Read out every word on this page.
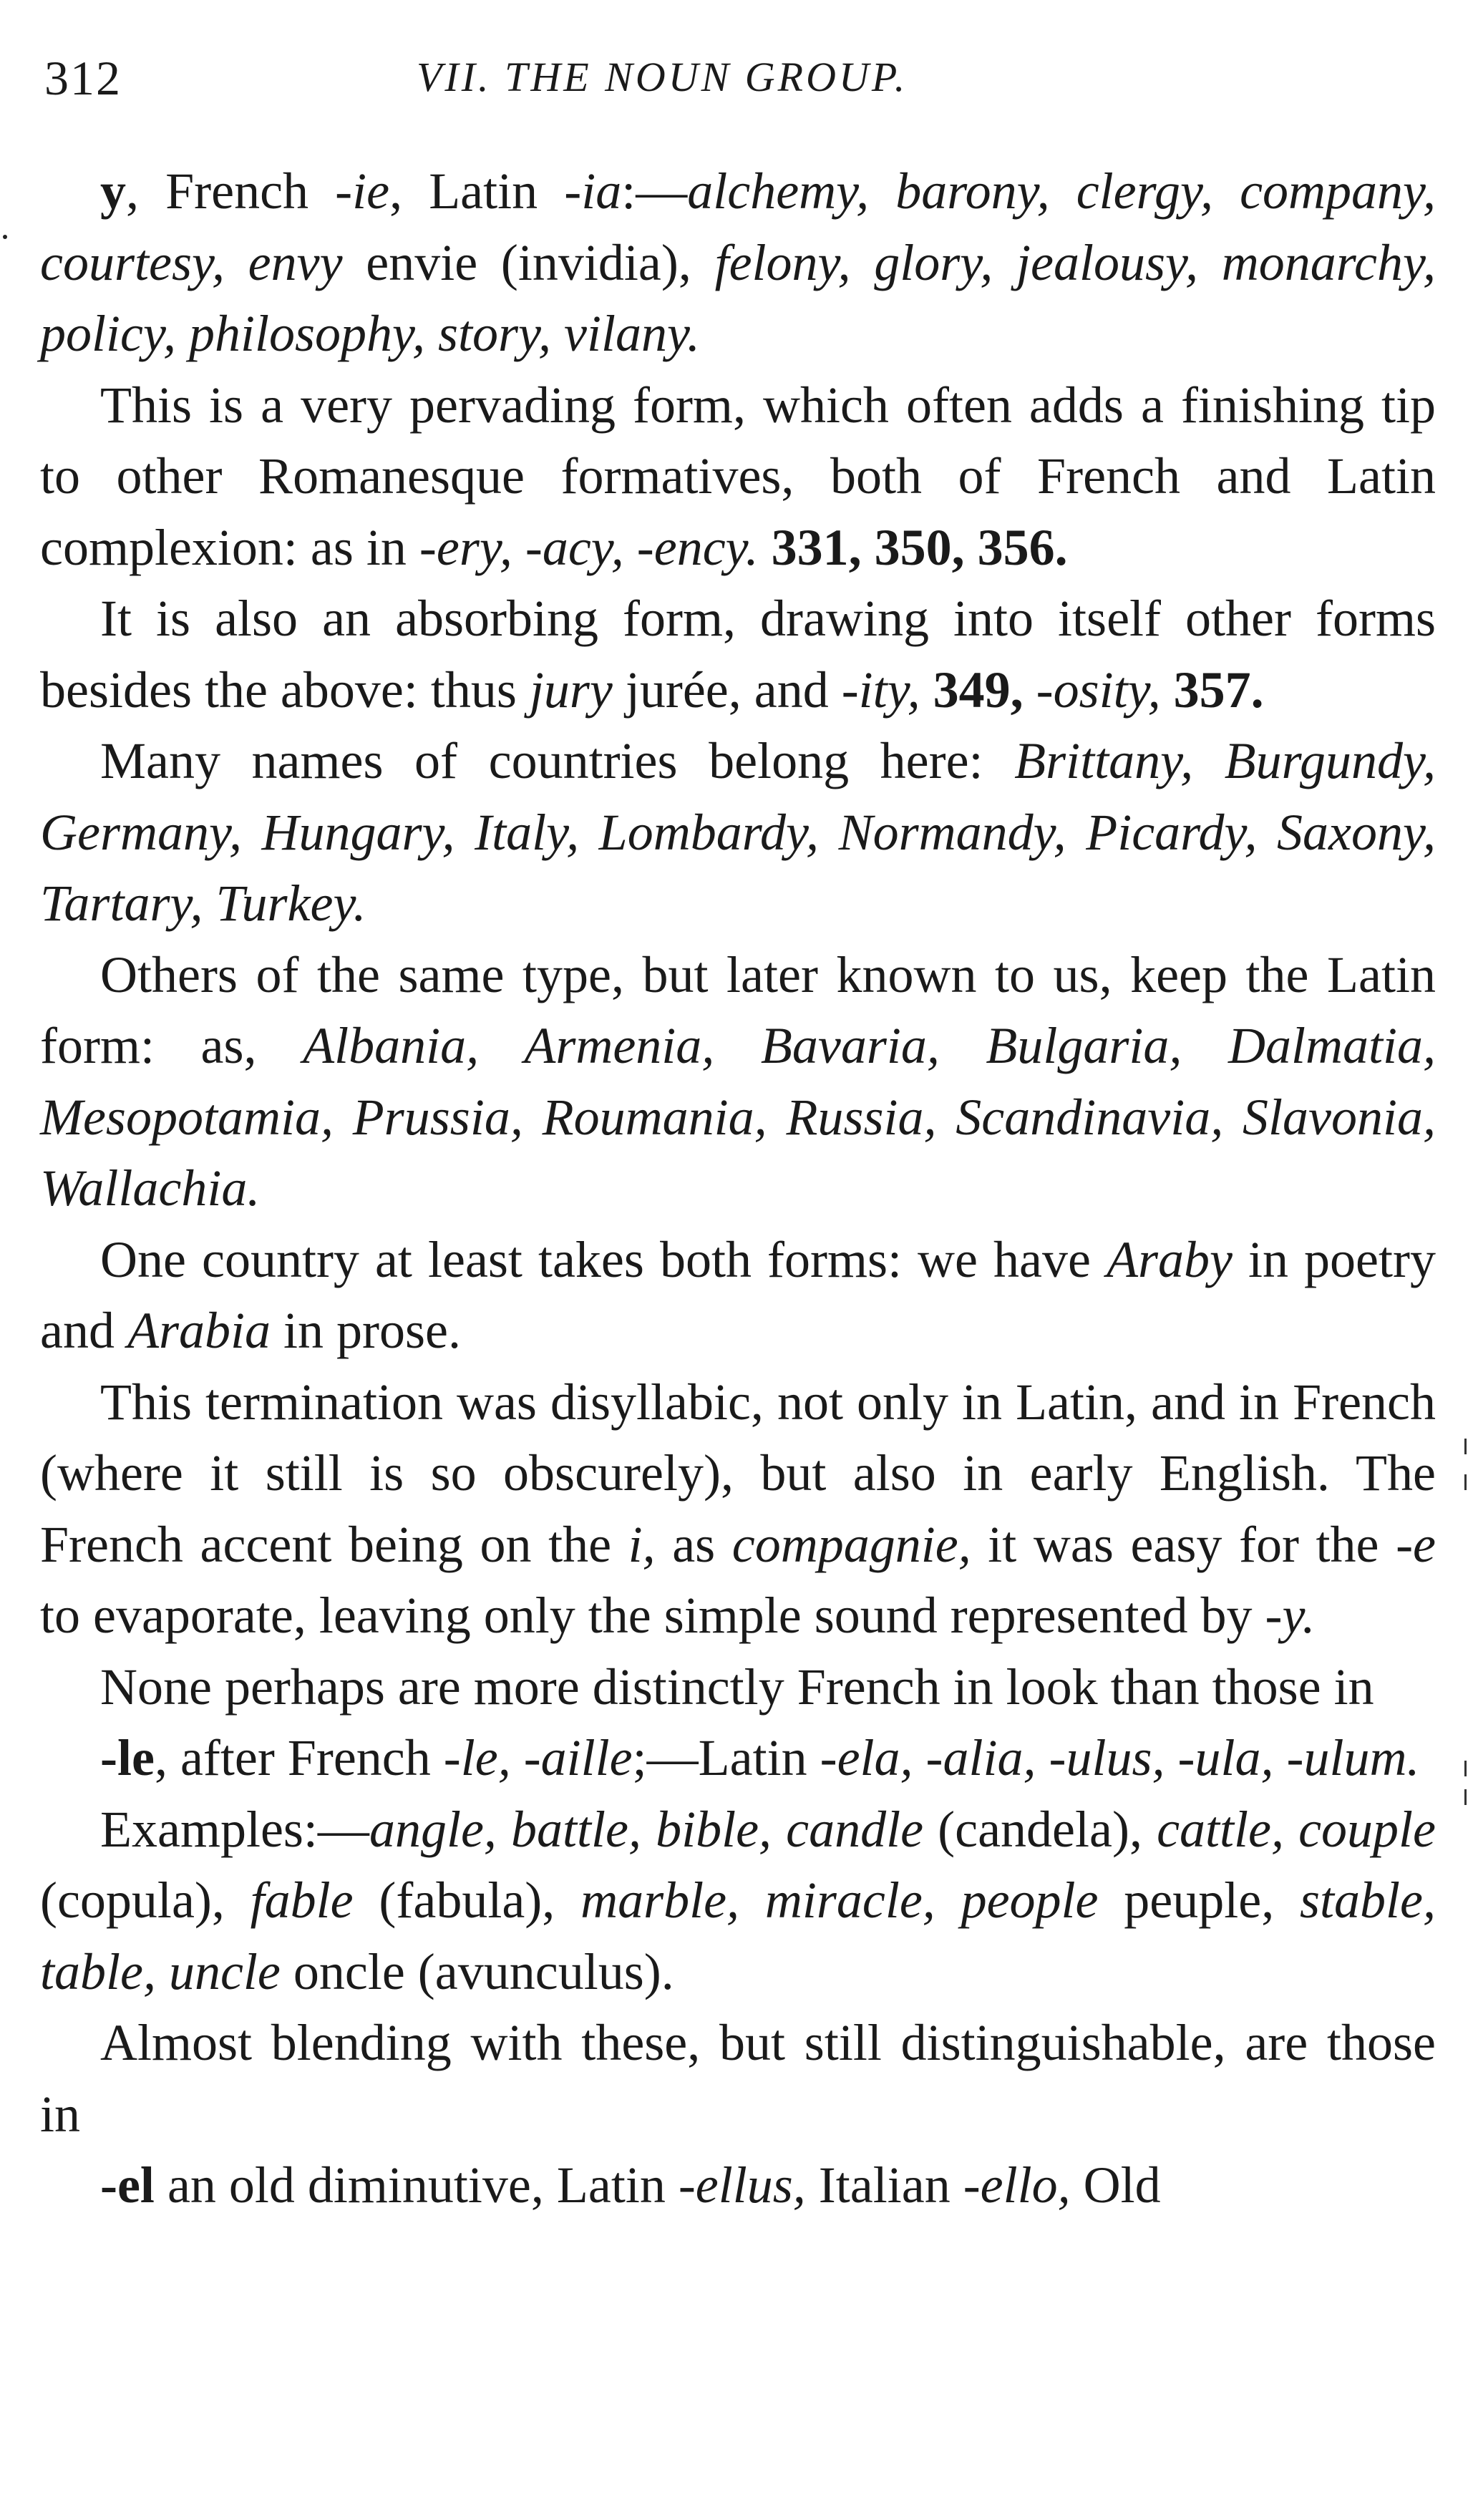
312	VII. THE NOUN GROUP.

y, French -ie, Latin -ia:—alchemy, barony, clergy, company, courtesy, envy envie (invidia), felony, glory, jealousy, monarchy, policy, philosophy, story, vilany.

This is a very pervading form, which often adds a finishing tip to other Romanesque formatives, both of French and Latin complexion: as in -ery, -acy, -ency. 331, 350, 356.

It is also an absorbing form, drawing into itself other forms besides the above: thus jury jurée, and -ity, 349, -osity, 357.

Many names of countries belong here: Brittany, Burgundy, Germany, Hungary, Italy, Lombardy, Normandy, Picardy, Saxony, Tartary, Turkey.

Others of the same type, but later known to us, keep the Latin form: as, Albania, Armenia, Bavaria, Bulgaria, Dalmatia, Mesopotamia, Prussia, Roumania, Russia, Scandinavia, Slavonia, Wallachia.

One country at least takes both forms: we have Araby in poetry and Arabia in prose.

This termination was disyllabic, not only in Latin, and in French (where it still is so obscurely), but also in early English. The French accent being on the i, as compagnie, it was easy for the -e to evaporate, leaving only the simple sound represented by -y.

None perhaps are more distinctly French in look than those in

-le, after French -le, -aille;—Latin -ela, -alia, -ulus, -ula, -ulum.

Examples:—angle, battle, bible, candle (candela), cattle, couple (copula), fable (fabula), marble, miracle, people peuple, stable, table, uncle oncle (avunculus).

Almost blending with these, but still distinguishable, are those in

-el an old diminutive, Latin -ellus, Italian -ello, Old
